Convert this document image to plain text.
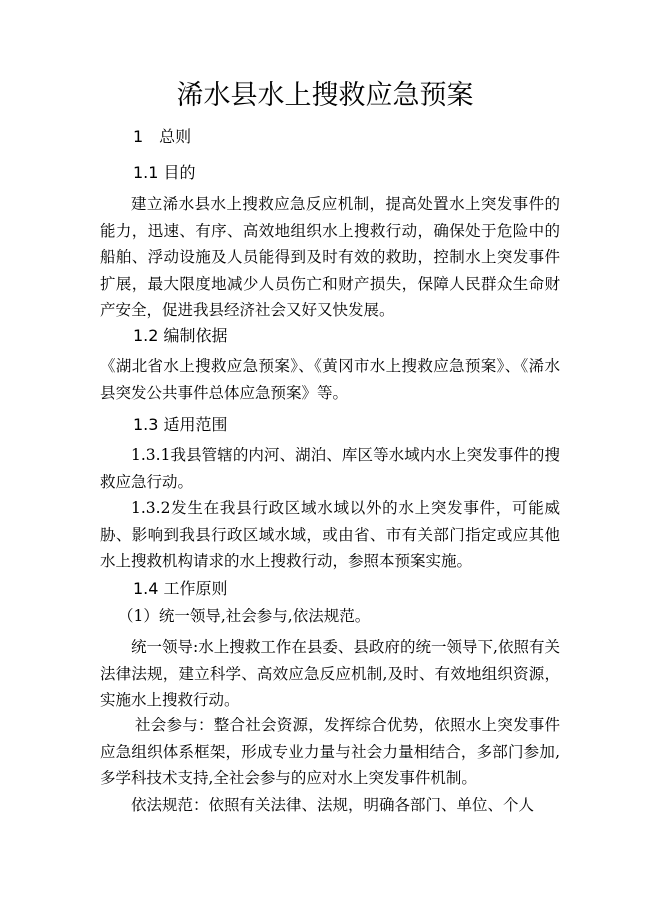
浠水县水上搜救应急预案
1　总则
1.1 目的

建立浠水县水上搜救应急反应机制，提高处置水上突发事件的能力，迅速、有序、高效地组织水上搜救行动，确保处于危险中的船舶、浮动设施及人员能得到及时有效的救助，控制水上突发事件扩展，最大限度地减少人员伤亡和财产损失，保障人民群众生命财产安全，促进我县经济社会又好又快发展。

1.2 编制依据

《湖北省水上搜救应急预案》、《黄冈市水上搜救应急预案》、《浠水县突发公共事件总体应急预案》等。

1.3 适用范围

1.3.1我县管辖的内河、湖泊、库区等水域内水上突发事件的搜救应急行动。

1.3.2发生在我县行政区域水域以外的水上突发事件，可能威胁、影响到我县行政区域水域，或由省、市有关部门指定或应其他水上搜救机构请求的水上搜救行动，参照本预案实施。

1.4 工作原则

（1）统一领导,社会参与,依法规范。

统一领导:水上搜救工作在县委、县政府的统一领导下,依照有关法律法规，建立科学、高效应急反应机制,及时、有效地组织资源，实施水上搜救行动。

社会参与：整合社会资源，发挥综合优势，依照水上突发事件应急组织体系框架，形成专业力量与社会力量相结合，多部门参加,多学科技术支持,全社会参与的应对水上突发事件机制。

依法规范：依照有关法律、法规，明确各部门、单位、个人
